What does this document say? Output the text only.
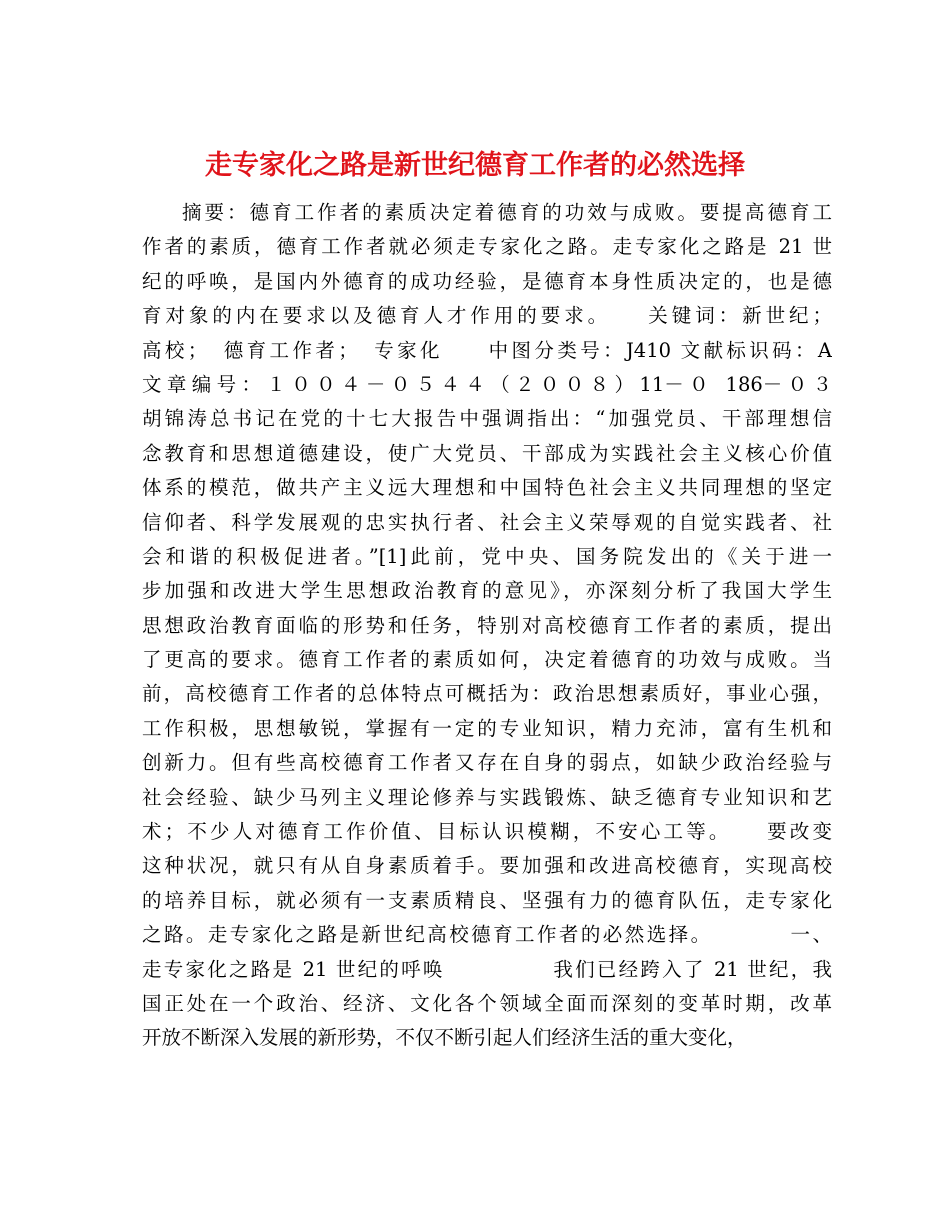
走专家化之路是新世纪德育工作者的必然选择
摘要：德育工作者的素质决定着德育的功效与成败。要提高德育工
作者的素质，德育工作者就必须走专家化之路。走专家化之路是 21 世
纪的呼唤，是国内外德育的成功经验，是德育本身性质决定的，也是德
育对象的内在要求以及德育人才作用的要求。　　关键词：新世纪；
高校；　德育工作者；　专家化　　中图分类号：J410 文献标识码：A
文章编号：１００４－０５４４（２００８）11－０ 186－０３
胡锦涛总书记在党的十七大报告中强调指出：“加强党员、干部理想信
念教育和思想道德建设，使广大党员、干部成为实践社会主义核心价值
体系的模范，做共产主义远大理想和中国特色社会主义共同理想的坚定
信仰者、科学发展观的忠实执行者、社会主义荣辱观的自觉实践者、社
会和谐的积极促进者。”[1]此前，党中央、国务院发出的《关于进一
步加强和改进大学生思想政治教育的意见》，亦深刻分析了我国大学生
思想政治教育面临的形势和任务，特别对高校德育工作者的素质，提出
了更高的要求。德育工作者的素质如何，决定着德育的功效与成败。当
前，高校德育工作者的总体特点可概括为：政治思想素质好，事业心强，
工作积极，思想敏锐，掌握有一定的专业知识，精力充沛，富有生机和
创新力。但有些高校德育工作者又存在自身的弱点，如缺少政治经验与
社会经验、缺少马列主义理论修养与实践锻炼、缺乏德育专业知识和艺
术；不少人对德育工作价值、目标认识模糊，不安心工等。　　要改变
这种状况，就只有从自身素质着手。要加强和改进高校德育，实现高校
的培养目标，就必须有一支素质精良、坚强有力的德育队伍，走专家化
之路。走专家化之路是新世纪高校德育工作者的必然选择。　　　　一、
走专家化之路是 21 世纪的呼唤　　　　　我们已经跨入了 21 世纪，我
国正处在一个政治、经济、文化各个领域全面而深刻的变革时期，改革
开放不断深入发展的新形势，不仅不断引起人们经济生活的重大变化，
